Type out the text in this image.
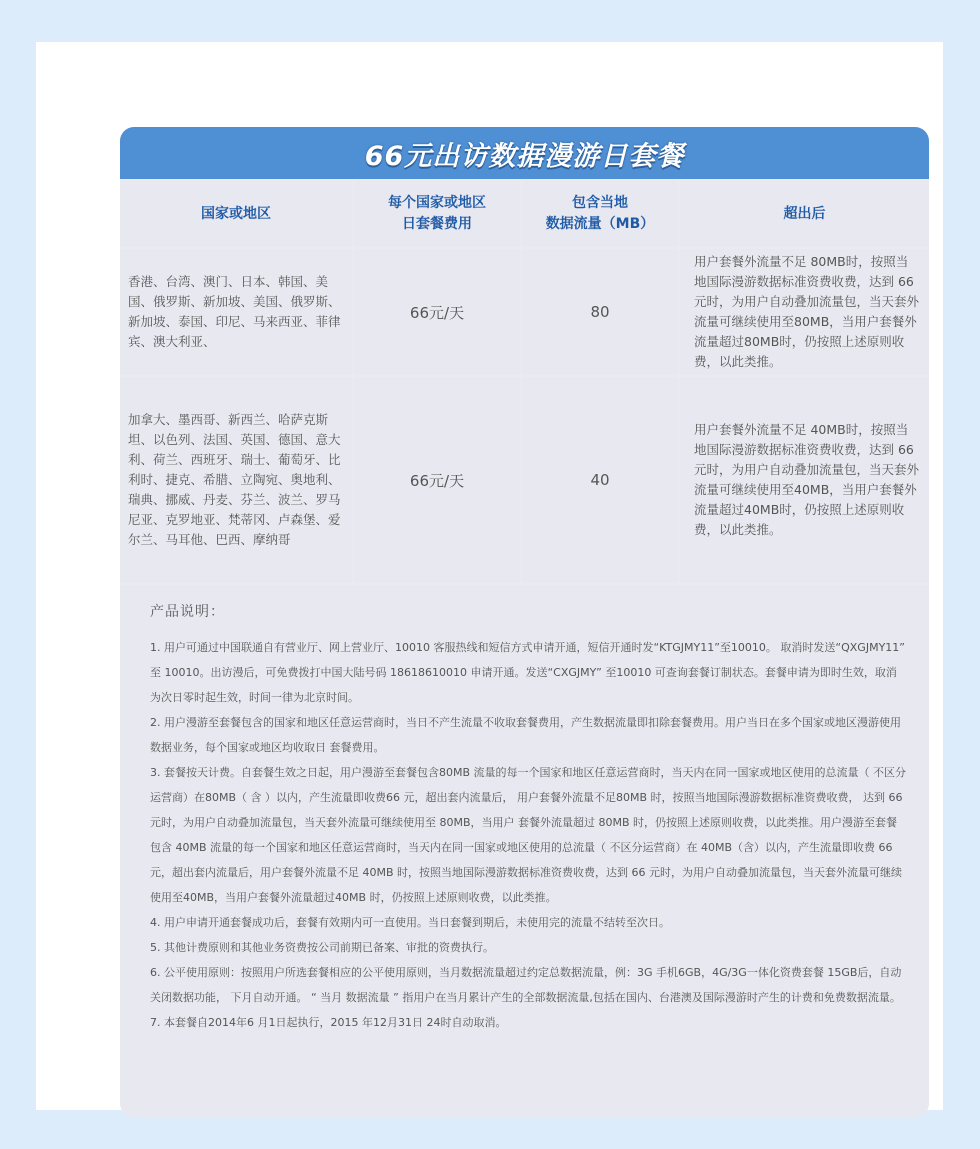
66元出访数据漫游日套餐
国家或地区
每个国家或地区
日套餐费用
包含当地
数据流量（MB）
超出后
香港、台湾、澳门、日本、韩国、美国、俄罗斯、新加坡、美国、俄罗斯、新加坡、泰国、印尼、马来西亚、菲律宾、澳大利亚、
66元/天	80
用户套餐外流量不足 80MB时，按照当地国际漫游数据标准资费收费，达到 66 元时，为用户自动叠加流量包，当天套外流量可继续使用至80MB，当用户套餐外流量超过80MB时，仍按照上述原则收费，以此类推。
加拿大、墨西哥、新西兰、哈萨克斯坦、以色列、法国、英国、德国、意大利、荷兰、西班牙、瑞士、葡萄牙、比利时、捷克、希腊、立陶宛、奥地利、瑞典、挪威、丹麦、芬兰、波兰、罗马尼亚、克罗地亚、梵蒂冈、卢森堡、爱尔兰、马耳他、巴西、摩纳哥
66元/天	40
用户套餐外流量不足 40MB时，按照当地国际漫游数据标准资费收费，达到 66 元时，为用户自动叠加流量包，当天套外流量可继续使用至40MB，当用户套餐外流量超过40MB时，仍按照上述原则收费，以此类推。
产品说明：
1. 用户可通过中国联通自有营业厅、网上营业厅、10010 客服热线和短信方式申请开通，短信开通时发“KTGJMY11”至10010。 取消时发送“QXGJMY11” 至 10010。出访漫后，可免费拨打中国大陆号码 18618610010 申请开通。发送“CXGJMY” 至10010 可查询套餐订制状态。套餐申请为即时生效，取消为次日零时起生效，时间一律为北京时间。
2. 用户漫游至套餐包含的国家和地区任意运营商时，当日不产生流量不收取套餐费用，产生数据流量即扣除套餐费用。用户当日在多个国家或地区漫游使用数据业务，每个国家或地区均收取日 套餐费用。
3. 套餐按天计费。自套餐生效之日起，用户漫游至套餐包含80MB 流量的每一个国家和地区任意运营商时，当天内在同一国家或地区使用的总流量（ 不区分运营商）在80MB（ 含 ）以内，产生流量即收费66 元，超出套内流量后， 用户套餐外流量不足80MB 时，按照当地国际漫游数据标准资费收费， 达到 66 元时，为用户自动叠加流量包，当天套外流量可继续使用至 80MB，当用户 套餐外流量超过 80MB 时，仍按照上述原则收费，以此类推。用户漫游至套餐包含 40MB 流量的每一个国家和地区任意运营商时，当天内在同一国家或地区使用的总流量（ 不区分运营商）在 40MB（含）以内，产生流量即收费 66 元，超出套内流量后，用户套餐外流量不足 40MB 时，按照当地国际漫游数据标准资费收费，达到 66 元时，为用户自动叠加流量包，当天套外流量可继续使用至40MB，当用户套餐外流量超过40MB 时，仍按照上述原则收费，以此类推。
4. 用户申请开通套餐成功后，套餐有效期内可一直使用。当日套餐到期后，未使用完的流量不结转至次日。
5. 其他计费原则和其他业务资费按公司前期已备案、审批的资费执行。
6. 公平使用原则：按照用户所选套餐相应的公平使用原则，当月数据流量超过约定总数据流量，例：3G 手机6GB，4G/3G一体化资费套餐 15GB后，自动关闭数据功能， 下月自动开通。 “ 当月 数据流量 ” 指用户在当月累计产生的全部数据流量,包括在国内、台港澳及国际漫游时产生的计费和免费数据流量。
7. 本套餐自2014年6 月1日起执行，2015 年12月31日 24时自动取消。
